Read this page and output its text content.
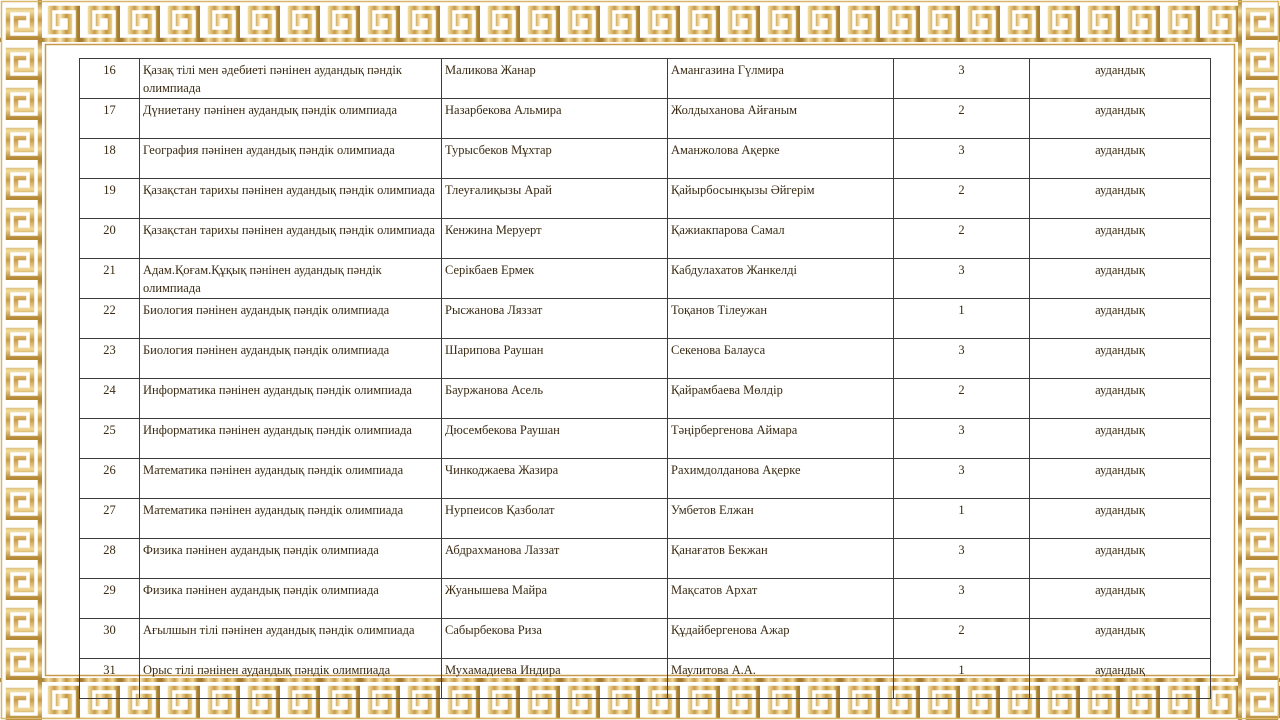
16	Қазақ тілі мен әдебиеті пәнінен аудандық пәндік олимпиада	Маликова Жанар	Амангазина Гүлмира	3	аудандық
17	Дүниетану пәнінен аудандық пәндік олимпиада	Назарбекова Альмира	Жолдыханова Айғаным	2	аудандық
18	География пәнінен аудандық пәндік олимпиада	Турысбеков Мұхтар	Аманжолова Ақерке	3	аудандық
19	Қазақстан тарихы пәнінен аудандық пәндік олимпиада	Тлеуғалиқызы Арай	Қайырбосынқызы Әйгерім	2	аудандық
20	Қазақстан тарихы пәнінен аудандық пәндік олимпиада	Кенжина Меруерт	Қажиакпарова Самал	2	аудандық
21	Адам.Қоғам.Құқық пәнінен аудандық пәндік олимпиада	Серікбаев Ермек	Кабдулахатов Жанкелді	3	аудандық
22	Биология пәнінен аудандық пәндік олимпиада	Рысжанова Ляззат	Тоқанов Тілеужан	1	аудандық
23	Биология пәнінен аудандық пәндік олимпиада	Шарипова Раушан	Секенова Балауса	3	аудандық
24	Информатика пәнінен аудандық пәндік олимпиада	Бауржанова Асель	Қайрамбаева Мөлдір	2	аудандық
25	Информатика пәнінен аудандық пәндік олимпиада	Дюсембекова Раушан	Тәңірбергенова Аймара	3	аудандық
26	Математика пәнінен аудандық пәндік олимпиада	Чинкоджаева Жазира	Рахимдолданова Ақерке	3	аудандық
27	Математика пәнінен аудандық пәндік олимпиада	Нурпеисов Қазболат	Умбетов Елжан	1	аудандық
28	Физика пәнінен аудандық пәндік олимпиада	Абдрахманова Лаззат	Қанағатов Бекжан	3	аудандық
29	Физика пәнінен аудандық пәндік олимпиада	Жуанышева Майра	Мақсатов Архат	3	аудандық
30	Ағылшын тілі пәнінен аудандық пәндік олимпиада	Сабырбекова Риза	Құдайбергенова Ажар	2	аудандық
31	Орыс тілі пәнінен аудандық пәндік олимпиада	Мухамадиева Индира	Маулитова А.А.	1	аудандық
